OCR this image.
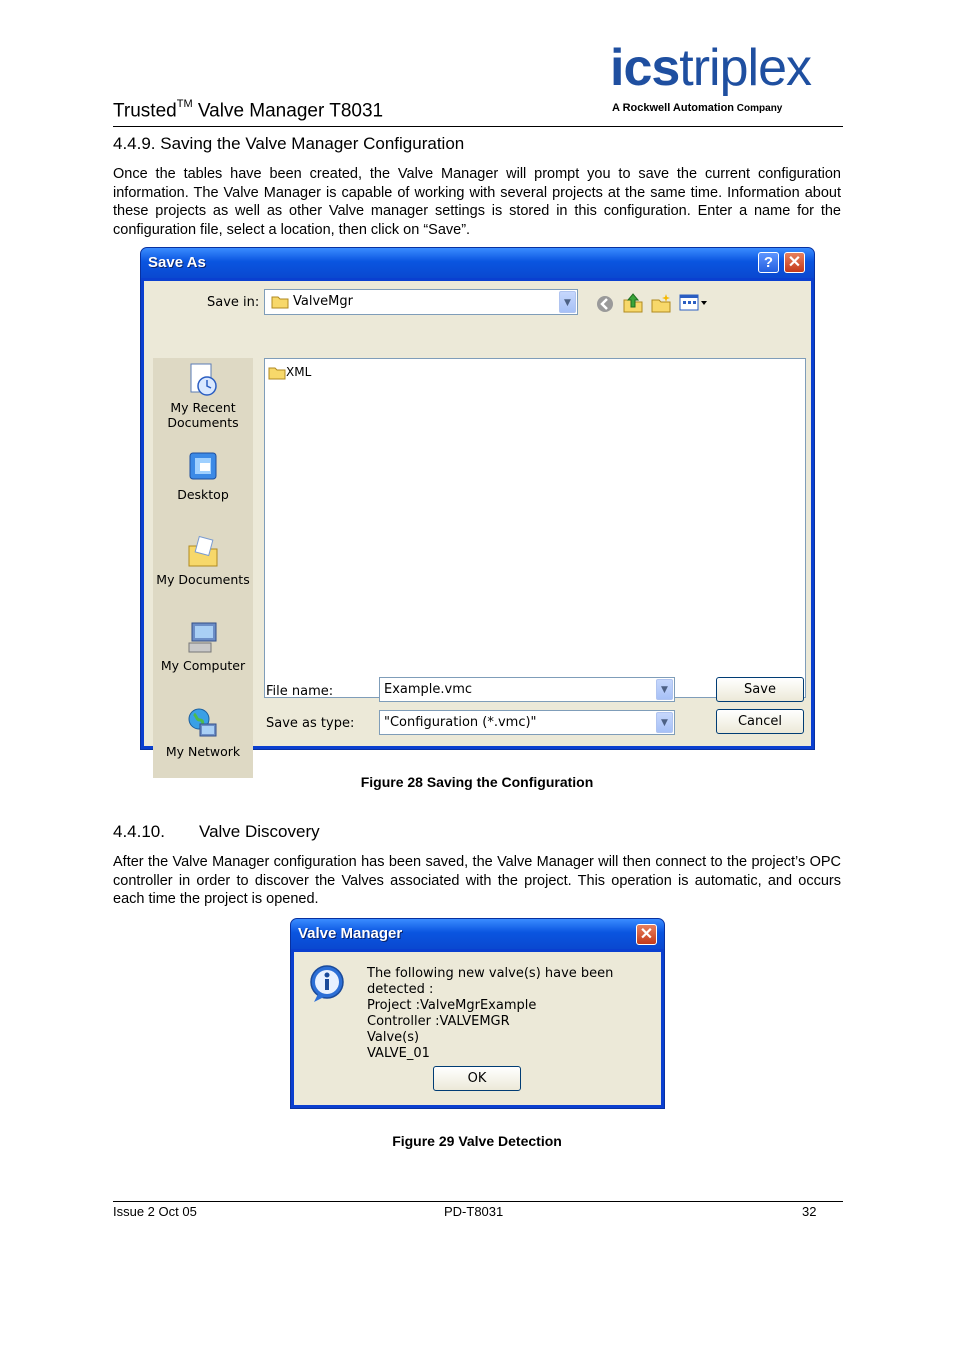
Trusted™ Valve Manager T8031
icstriplex
A Rockwell Automation Company
4.4.9. Saving the Valve Manager Configuration
Once the tables have been created, the Valve Manager will prompt you to save the current configuration information. The Valve Manager is capable of working with several projects at the same time. Information about these projects as well as other Valve manager settings is stored in this configuration. Enter a name for the configuration file, select a location, then click on “Save”.
Save As	? ✕
Save in:	ValveMgr	▼
My Recent
Documents
Desktop
My Documents
My Computer
My Network
XML
File name:	Example.vmc	▼	Save
Save as type:	"Configuration (*.vmc)"	▼	Cancel
Figure 28 Saving the Configuration
4.4.10. Valve Discovery
After the Valve Manager configuration has been saved, the Valve Manager will then connect to the project’s OPC controller in order to discover the Valves associated with the project. This operation is automatic, and occurs each time the project is opened.
Valve Manager	✕
The following new valve(s) have been detected :
Project :ValveMgrExample
Controller :VALVEMGR
Valve(s)
VALVE_01
OK
Figure 29 Valve Detection
Issue 2 Oct 05	PD-T8031	32
